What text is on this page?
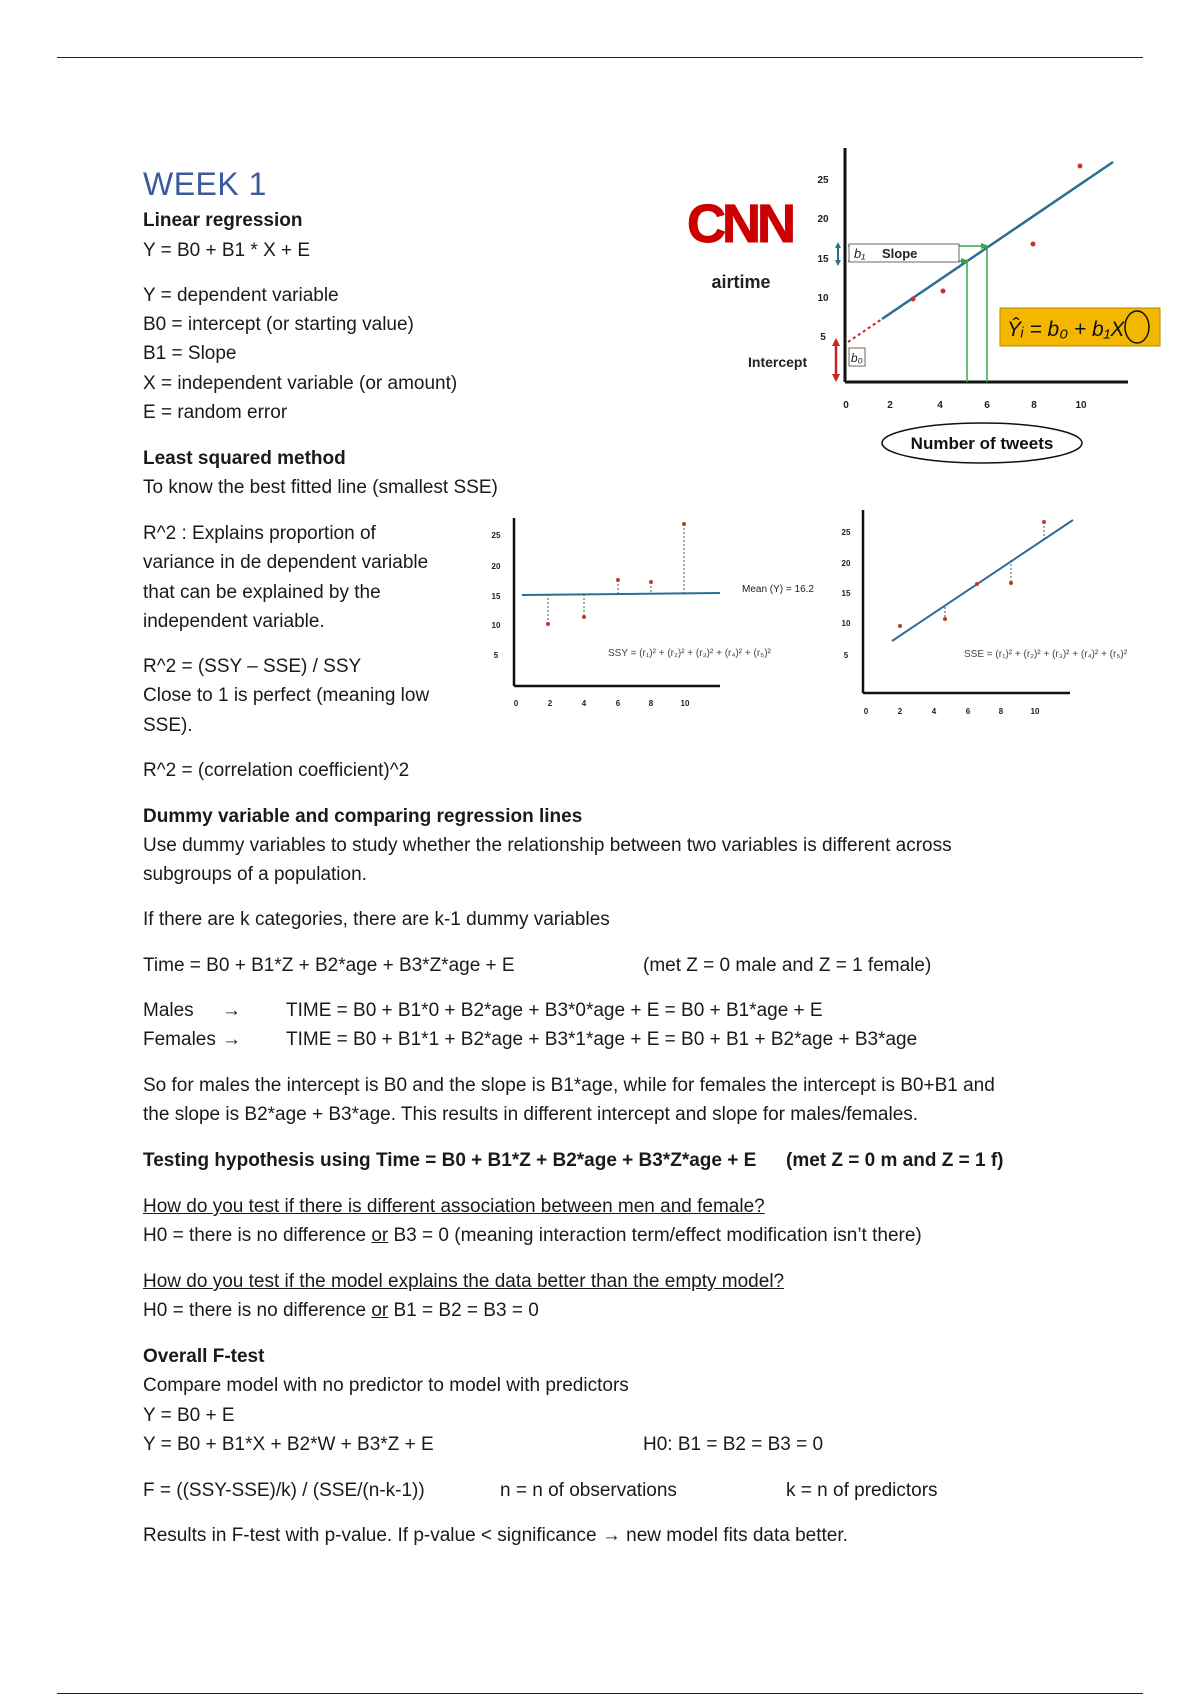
WEEK 1
Linear regression
Y = B0 + B1 * X + E
Y = dependent variable
B0 = intercept (or starting value)
B1 = Slope
X = independent variable (or amount)
E = random error
Least squared method
To know the best fitted line (smallest SSE)
R^2 : Explains proportion of
variance in de dependent variable
that can be explained by the
independent variable.
R^2 = (SSY – SSE) / SSY
Close to 1 is perfect (meaning low
SSE).
R^2 = (correlation coefficient)^2
Dummy variable and comparing regression lines
Use dummy variables to study whether the relationship between two variables is different across
subgroups of a population.
If there are k categories, there are k-1 dummy variables
Time = B0 + B1*Z + B2*age + B3*Z*age + E	(met Z = 0 male and Z = 1 female)
Males → TIME = B0 + B1*0 + B2*age + B3*0*age + E = B0 + B1*age + E
Females → TIME = B0 + B1*1 + B2*age + B3*1*age + E = B0 + B1 + B2*age + B3*age
So for males the intercept is B0 and the slope is B1*age, while for females the intercept is B0+B1 and
the slope is B2*age + B3*age. This results in different intercept and slope for males/females.
Testing hypothesis using Time = B0 + B1*Z + B2*age + B3*Z*age + E (met Z = 0 m and Z = 1 f)
How do you test if there is different association between men and female?
H0 = there is no difference or B3 = 0 (meaning interaction term/effect modification isn’t there)
How do you test if the model explains the data better than the empty model?
H0 = there is no difference or B1 = B2 = B3 = 0
Overall F-test
Compare model with no predictor to model with predictors
Y = B0 + E
Y = B0 + B1*X + B2*W + B3*Z + E	H0: B1 = B2 = B3 = 0
F = ((SSY-SSE)/k) / (SSE/(n-k-1))	n = n of observations	k = n of predictors
Results in F-test with p-value. If p-value < significance → new model fits data better.
CNN
airtime
Intercept
25
20
15
10
5
0	2	4	6	8	10
b₁ Slope
b₀
Ŷᵢ = b₀ + b₁X
Number of tweets
25
20
15
10
5
0	2	4	6	8	10
Mean (Y) = 16.2
SSY = (r₁)² + (r₂)² + (r₃)² + (r₄)² + (r₅)²
25
20
15
10
5
0	2	4	6	8	10
SSE = (r₁)² + (r₂)² + (r₃)² + (r₄)² + (r₅)²
